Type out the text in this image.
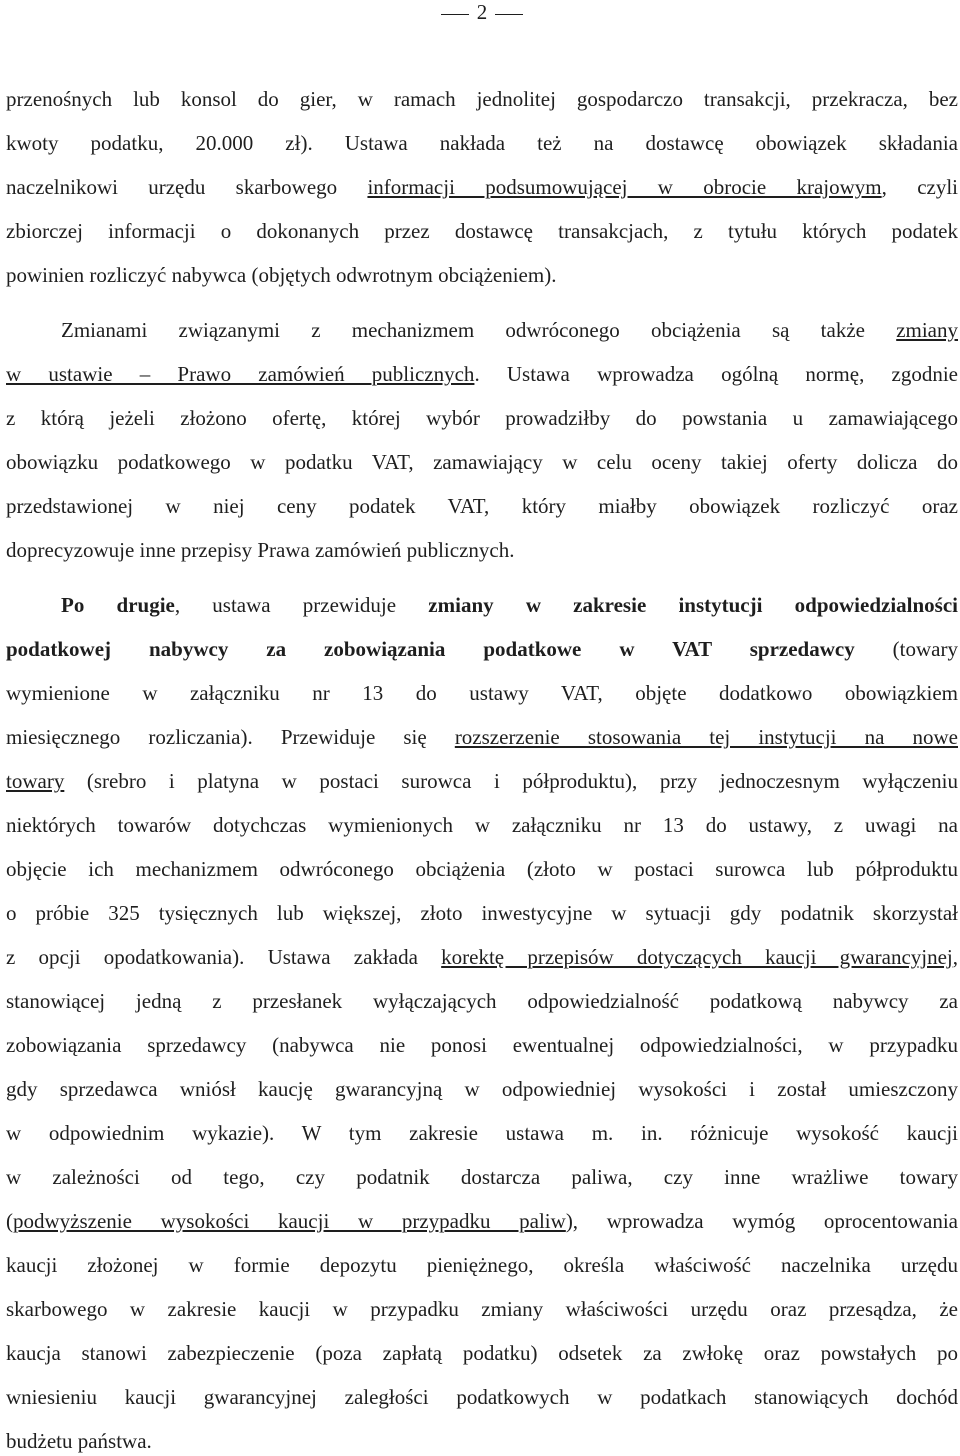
2
przenośnych lub konsol do gier, w ramach jednolitej gospodarczo transakcji, przekracza, bez
kwoty podatku, 20.000 zł). Ustawa nakłada też na dostawcę obowiązek składania
naczelnikowi urzędu skarbowego informacji podsumowującej w obrocie krajowym, czyli
zbiorczej informacji o dokonanych przez dostawcę transakcjach, z tytułu których podatek
powinien rozliczyć nabywca (objętych odwrotnym obciążeniem).
Zmianami związanymi z mechanizmem odwróconego obciążenia są także zmiany
w ustawie – Prawo zamówień publicznych. Ustawa wprowadza ogólną normę, zgodnie
z którą jeżeli złożono ofertę, której wybór prowadziłby do powstania u zamawiającego
obowiązku podatkowego w podatku VAT, zamawiający w celu oceny takiej oferty dolicza do
przedstawionej w niej ceny podatek VAT, który miałby obowiązek rozliczyć oraz
doprecyzowuje inne przepisy Prawa zamówień publicznych.
Po drugie, ustawa przewiduje zmiany w zakresie instytucji odpowiedzialności
podatkowej nabywcy za zobowiązania podatkowe w VAT sprzedawcy (towary
wymienione w załączniku nr 13 do ustawy VAT, objęte dodatkowo obowiązkiem
miesięcznego rozliczania). Przewiduje się rozszerzenie stosowania tej instytucji na nowe
towary (srebro i platyna w postaci surowca i półproduktu), przy jednoczesnym wyłączeniu
niektórych towarów dotychczas wymienionych w załączniku nr 13 do ustawy, z uwagi na
objęcie ich mechanizmem odwróconego obciążenia (złoto w postaci surowca lub półproduktu
o próbie 325 tysięcznych lub większej, złoto inwestycyjne w sytuacji gdy podatnik skorzystał
z opcji opodatkowania). Ustawa zakłada korektę przepisów dotyczących kaucji gwarancyjnej,
stanowiącej jedną z przesłanek wyłączających odpowiedzialność podatkową nabywcy za
zobowiązania sprzedawcy (nabywca nie ponosi ewentualnej odpowiedzialności, w przypadku
gdy sprzedawca wniósł kaucję gwarancyjną w odpowiedniej wysokości i został umieszczony
w odpowiednim wykazie). W tym zakresie ustawa m. in. różnicuje wysokość kaucji
w zależności od tego, czy podatnik dostarcza paliwa, czy inne wrażliwe towary
(podwyższenie wysokości kaucji w przypadku paliw), wprowadza wymóg oprocentowania
kaucji złożonej w formie depozytu pieniężnego, określa właściwość naczelnika urzędu
skarbowego w zakresie kaucji w przypadku zmiany właściwości urzędu oraz przesądza, że
kaucja stanowi zabezpieczenie (poza zapłatą podatku) odsetek za zwłokę oraz powstałych po
wniesieniu kaucji gwarancyjnej zaległości podatkowych w podatkach stanowiących dochód
budżetu państwa.
